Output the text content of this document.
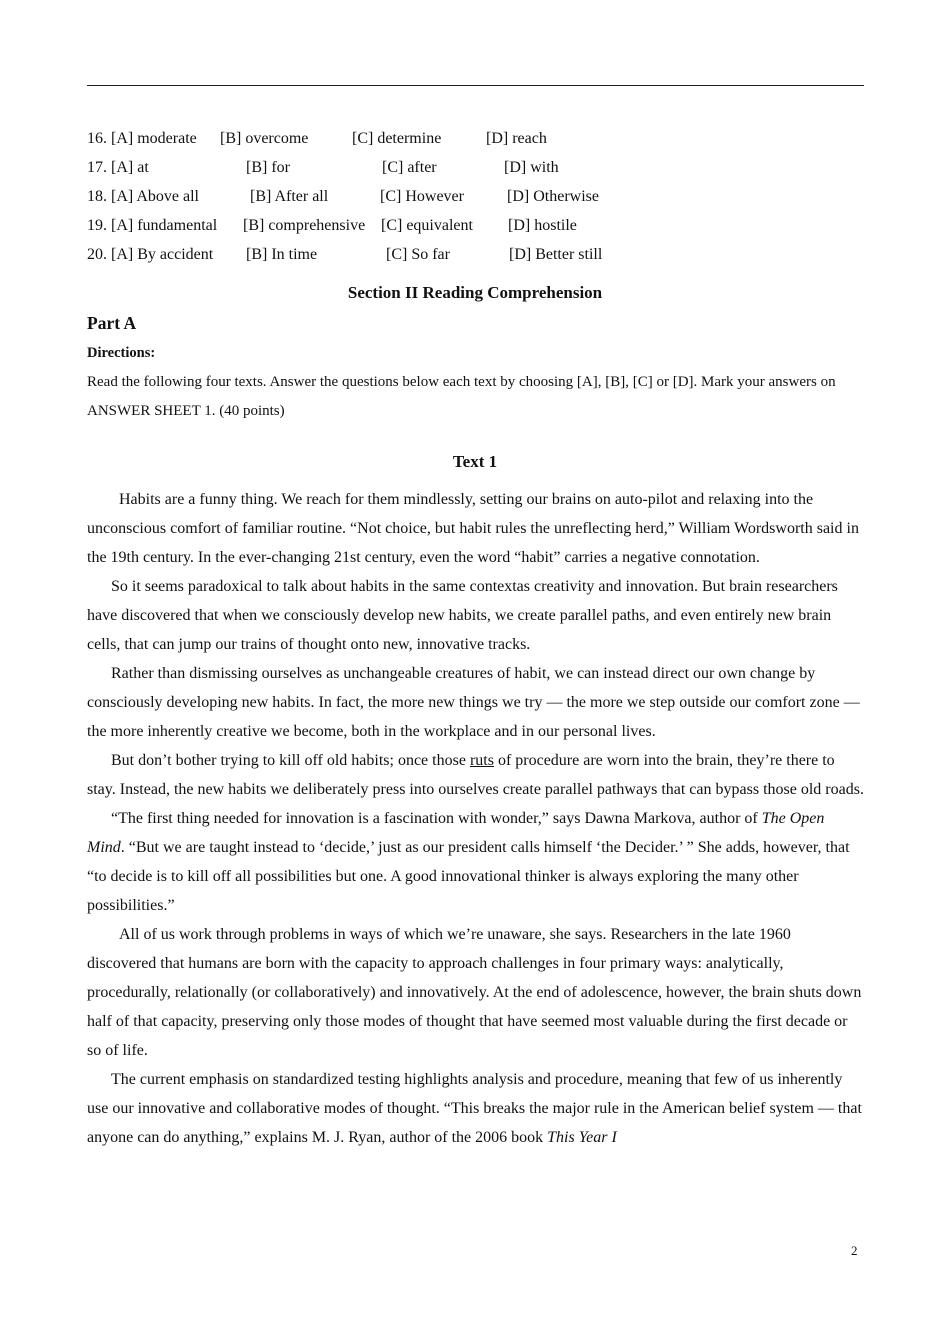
16. [A] moderate [B] overcome	[C] determine	[D] reach
17. [A] at	[B] for	[C] after	[D] with
18. [A] Above all	[B] After all	[C] However	[D] Otherwise
19. [A] fundamental [B] comprehensive [C] equivalent [D] hostile
20. [A] By accident [B] In time	[C] So far	[D] Better still
Section II Reading Comprehension
Part A
Directions:
Read the following four texts. Answer the questions below each text by choosing [A], [B], [C] or [D]. Mark your answers on ANSWER SHEET 1. (40 points)
Text 1

Habits are a funny thing. We reach for them mindlessly, setting our brains on auto-pilot and relaxing into the unconscious comfort of familiar routine. “Not choice, but habit rules the unreflecting herd,” William Wordsworth said in the 19th century. In the ever-changing 21st century, even the word “habit” carries a negative connotation.

So it seems paradoxical to talk about habits in the same contextas creativity and innovation. But brain researchers have discovered that when we consciously develop new habits, we create parallel paths, and even entirely new brain cells, that can jump our trains of thought onto new, innovative tracks.

Rather than dismissing ourselves as unchangeable creatures of habit, we can instead direct our own change by consciously developing new habits. In fact, the more new things we try — the more we step outside our comfort zone — the more inherently creative we become, both in the workplace and in our personal lives.

But don’t bother trying to kill off old habits; once those ruts of procedure are worn into the brain, they’re there to stay. Instead, the new habits we deliberately press into ourselves create parallel pathways that can bypass those old roads.

“The first thing needed for innovation is a fascination with wonder,” says Dawna Markova, author of The Open Mind. “But we are taught instead to ‘decide,’ just as our president calls himself ‘the Decider.’ ” She adds, however, that “to decide is to kill off all possibilities but one. A good innovational thinker is always exploring the many other possibilities.”

All of us work through problems in ways of which we’re unaware, she says. Researchers in the late 1960 discovered that humans are born with the capacity to approach challenges in four primary ways: analytically, procedurally, relationally (or collaboratively) and innovatively. At the end of adolescence, however, the brain shuts down half of that capacity, preserving only those modes of thought that have seemed most valuable during the first decade or so of life.

The current emphasis on standardized testing highlights analysis and procedure, meaning that few of us inherently use our innovative and collaborative modes of thought. “This breaks the major rule in the American belief system — that anyone can do anything,” explains M. J. Ryan, author of the 2006 book This Year I

2
